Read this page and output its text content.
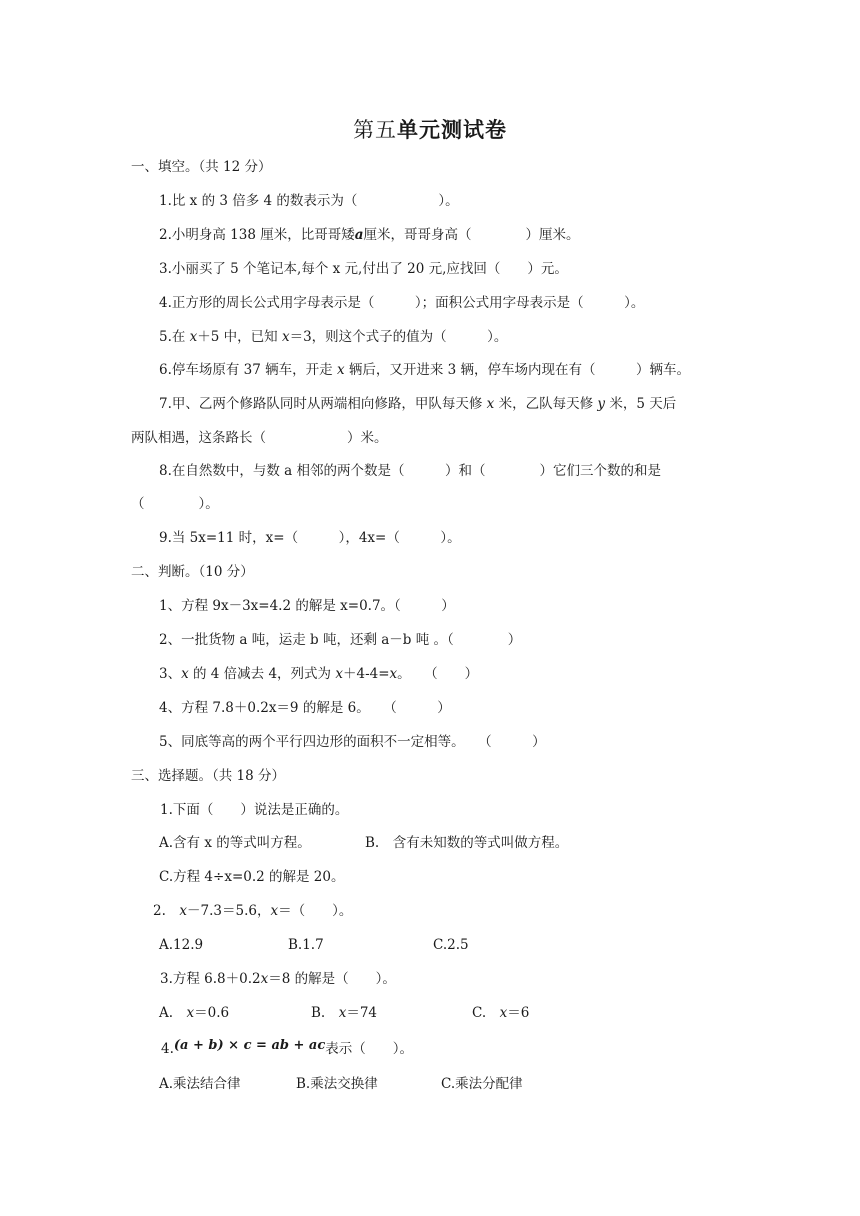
第五单元测试卷
一、填空。（共 12 分）
1.比 x 的 3 倍多 4 的数表示为（　　　　　　）。
2.小明身高 138 厘米，比哥哥矮a厘米，哥哥身高（　　　　）厘米。
3.小丽买了 5 个笔记本,每个 x 元,付出了 20 元,应找回（　　）元。
4.正方形的周长公式用字母表示是（　　　）；面积公式用字母表示是（　　　）。
5.在 x＋5 中，已知 x＝3，则这个式子的值为（　　　）。
6.停车场原有 37 辆车，开走 x 辆后，又开进来 3 辆，停车场内现在有（　　　）辆车。
7.甲、乙两个修路队同时从两端相向修路，甲队每天修 x 米，乙队每天修 y 米，5 天后
两队相遇，这条路长（　　　　　　）米。
8.在自然数中，与数 a 相邻的两个数是（　　　）和（　　　　）它们三个数的和是
（　　　　）。
9.当 5x=11 时，x=（　　　），4x=（　　　）。
二、判断。（10 分）
1、方程 9x－3x=4.2 的解是 x=0.7。（　　　）
2、一批货物 a 吨，运走 b 吨，还剩 a－b 吨 。（　　　　）
3、x 的 4 倍减去 4，列式为 x＋4-4=x。　　（　　）
4、方程 7.8＋0.2x＝9 的解是 6。　　（　　　）
5、同底等高的两个平行四边形的面积不一定相等。　　（　　　）
三、选择题。（共 18 分）
1.下面（　　）说法是正确的。
A.含有 x 的等式叫方程。	B.　含有未知数的等式叫做方程。
C.方程 4÷x=0.2 的解是 20。
2.　x－7.3＝5.6，x＝（　　）。
A.12.9	B.1.7	C.2.5
3.方程 6.8＋0.2x＝8 的解是（　　）。
A.　x＝0.6	B.　x＝74	C.　x＝6
4.(a + b) × c = ab + ac表示（　　）。
A.乘法结合律	B.乘法交换律	C.乘法分配律
